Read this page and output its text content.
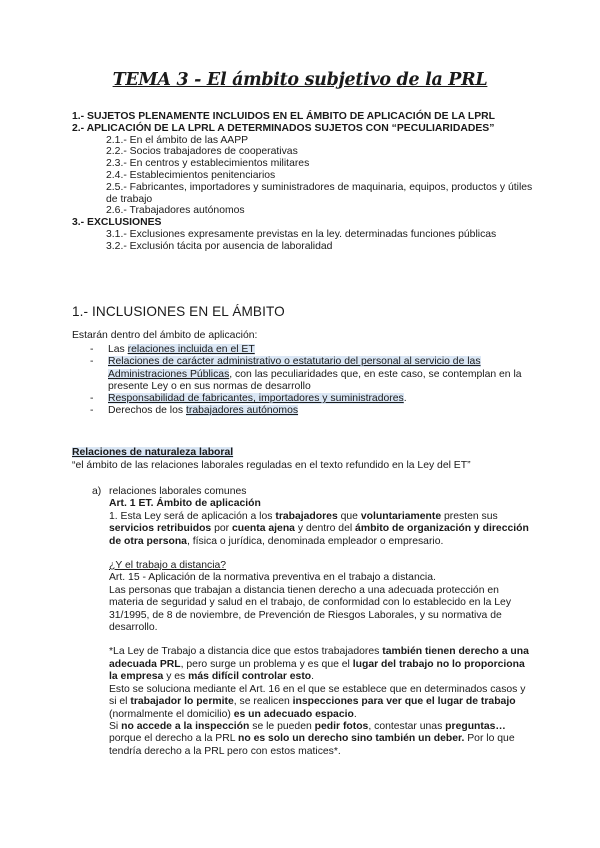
TEMA 3 - El ámbito subjetivo de la PRL
1.- SUJETOS PLENAMENTE INCLUIDOS EN EL ÁMBITO DE APLICACIÓN DE LA LPRL
2.- APLICACIÓN DE LA LPRL A DETERMINADOS SUJETOS CON “PECULIARIDADES”
2.1.- En el ámbito de las AAPP
2.2.- Socios trabajadores de cooperativas
2.3.- En centros y establecimientos militares
2.4.- Establecimientos penitenciarios
2.5.- Fabricantes, importadores y suministradores de maquinaria, equipos, productos y útiles de trabajo
2.6.- Trabajadores autónomos
3.- EXCLUSIONES
3.1.- Exclusiones expresamente previstas en la ley. determinadas funciones públicas
3.2.- Exclusión tácita por ausencia de laboralidad
1.- INCLUSIONES EN EL ÁMBITO
Estarán dentro del ámbito de aplicación:
- Las relaciones incluida en el ET
- Relaciones de carácter administrativo o estatutario del personal al servicio de las Administraciones Públicas, con las peculiaridades que, en este caso, se contemplan en la presente Ley o en sus normas de desarrollo
- Responsabilidad de fabricantes, importadores y suministradores.
- Derechos de los trabajadores autónomos
Relaciones de naturaleza laboral
“el ámbito de las relaciones laborales reguladas en el texto refundido en la Ley del ET”
a) relaciones laborales comunes
Art. 1 ET. Ámbito de aplicación
1. Esta Ley será de aplicación a los trabajadores que voluntariamente presten sus servicios retribuidos por cuenta ajena y dentro del ámbito de organización y dirección de otra persona, física o jurídica, denominada empleador o empresario.
¿Y el trabajo a distancia?
Art. 15 - Aplicación de la normativa preventiva en el trabajo a distancia.
Las personas que trabajan a distancia tienen derecho a una adecuada protección en materia de seguridad y salud en el trabajo, de conformidad con lo establecido en la Ley 31/1995, de 8 de noviembre, de Prevención de Riesgos Laborales, y su normativa de desarrollo.
*La Ley de Trabajo a distancia dice que estos trabajadores también tienen derecho a una adecuada PRL, pero surge un problema y es que el lugar del trabajo no lo proporciona la empresa y es más difícil controlar esto.
Esto se soluciona mediante el Art. 16 en el que se establece que en determinados casos y si el trabajador lo permite, se realicen inspecciones para ver que el lugar de trabajo (normalmente el domicilio) es un adecuado espacio.
Si no accede a la inspección se le pueden pedir fotos, contestar unas preguntas… porque el derecho a la PRL no es solo un derecho sino también un deber. Por lo que tendría derecho a la PRL pero con estos matices*.
